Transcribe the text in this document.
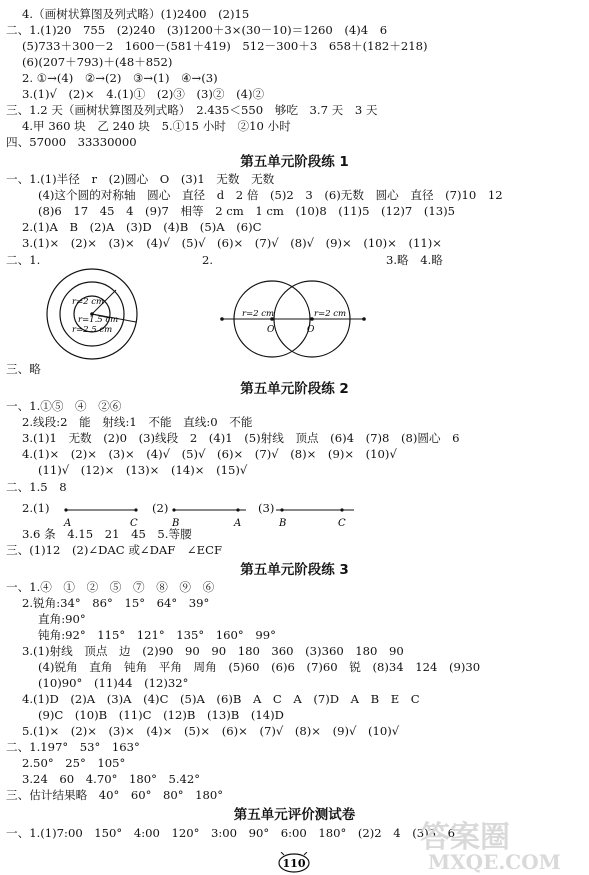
4.（画树状算图及列式略）(1)2400　(2)15
二、1.(1)20　755　(2)240　(3)1200＋3×(30－10)＝1260　(4)4　6
(5)733＋300－2　1600－(581＋419)　512－300＋3　658＋(182＋218)
(6)(207＋793)＋(48＋852)
2. ①→(4)　②→(2)　③→(1)　④→(3)
3.(1)√　(2)×　4.(1)①　(2)③　(3)②　(4)②
三、1.2 天（画树状算图及列式略）　2.435＜550　够吃　3.7 天　3 天
4.甲 360 块　乙 240 块　5.①15 小时　②10 小时
四、57000　33330000
第五单元阶段练 1
一、1.(1)半径　r　(2)圆心　O　(3)1　无数　无数
(4)这个圆的对称轴　圆心　直径　d　2 倍　(5)2　3　(6)无数　圆心　直径　(7)10　12
(8)6　17　45　4　(9)7　相等　2 cm　1 cm　(10)8　(11)5　(12)7　(13)5
2.(1)A　B　(2)A　(3)D　(4)B　(5)A　(6)C
3.(1)×　(2)×　(3)×　(4)√　(5)√　(6)×　(7)√　(8)√　(9)×　(10)×　(11)×
二、1.	2.	3.略　4.略
r=2 cm
r=1.5 cm
r=2.5 cm
r=2 cm	r=2 cm
O	O
三、略
第五单元阶段练 2
一、1.①⑤　④　②⑥
2.线段:2　能　射线:1　不能　直线:0　不能
3.(1)1　无数　(2)0　(3)线段　2　(4)1　(5)射线　顶点　(6)4　(7)8　(8)圆心　6
4.(1)×　(2)×　(3)×　(4)√　(5)√　(6)×　(7)√　(8)×　(9)×　(10)√
(11)√　(12)×　(13)×　(14)×　(15)√
二、1.5　8
2.(1)
A	C
(2)
B	A
(3)
B	C
3.6 条　4.15　21　45　5.等腰
三、(1)12　(2)∠DAC 或∠DAF　∠ECF
第五单元阶段练 3
一、1.④　①　②　⑤　⑦　⑧　⑨　⑥
2.锐角:34°　86°　15°　64°　39°
直角:90°
钝角:92°　115°　121°　135°　160°　99°
3.(1)射线　顶点　边　(2)90　90　90　180　360　(3)360　180　90
(4)锐角　直角　钝角　平角　周角　(5)60　(6)6　(7)60　锐　(8)34　124　(9)30
(10)90°　(11)44　(12)32°
4.(1)D　(2)A　(3)A　(4)C　(5)A　(6)B　A　C　A　(7)D　A　B　E　C
(9)C　(10)B　(11)C　(12)B　(13)B　(14)D
5.(1)×　(2)×　(3)×　(4)×　(5)×　(6)×　(7)√　(8)×　(9)√　(10)√
二、1.197°　53°　163°
2.50°　25°　105°
3.24　60　4.70°　180°　5.42°
三、估计结果略　40°　60°　80°　180°
第五单元评价测试卷
一、1.(1)7:00　150°　4:00　120°　3:00　90°　6:00　180°　(2)2　4　(3)3　6
110
答案圈
MXQE.COM
